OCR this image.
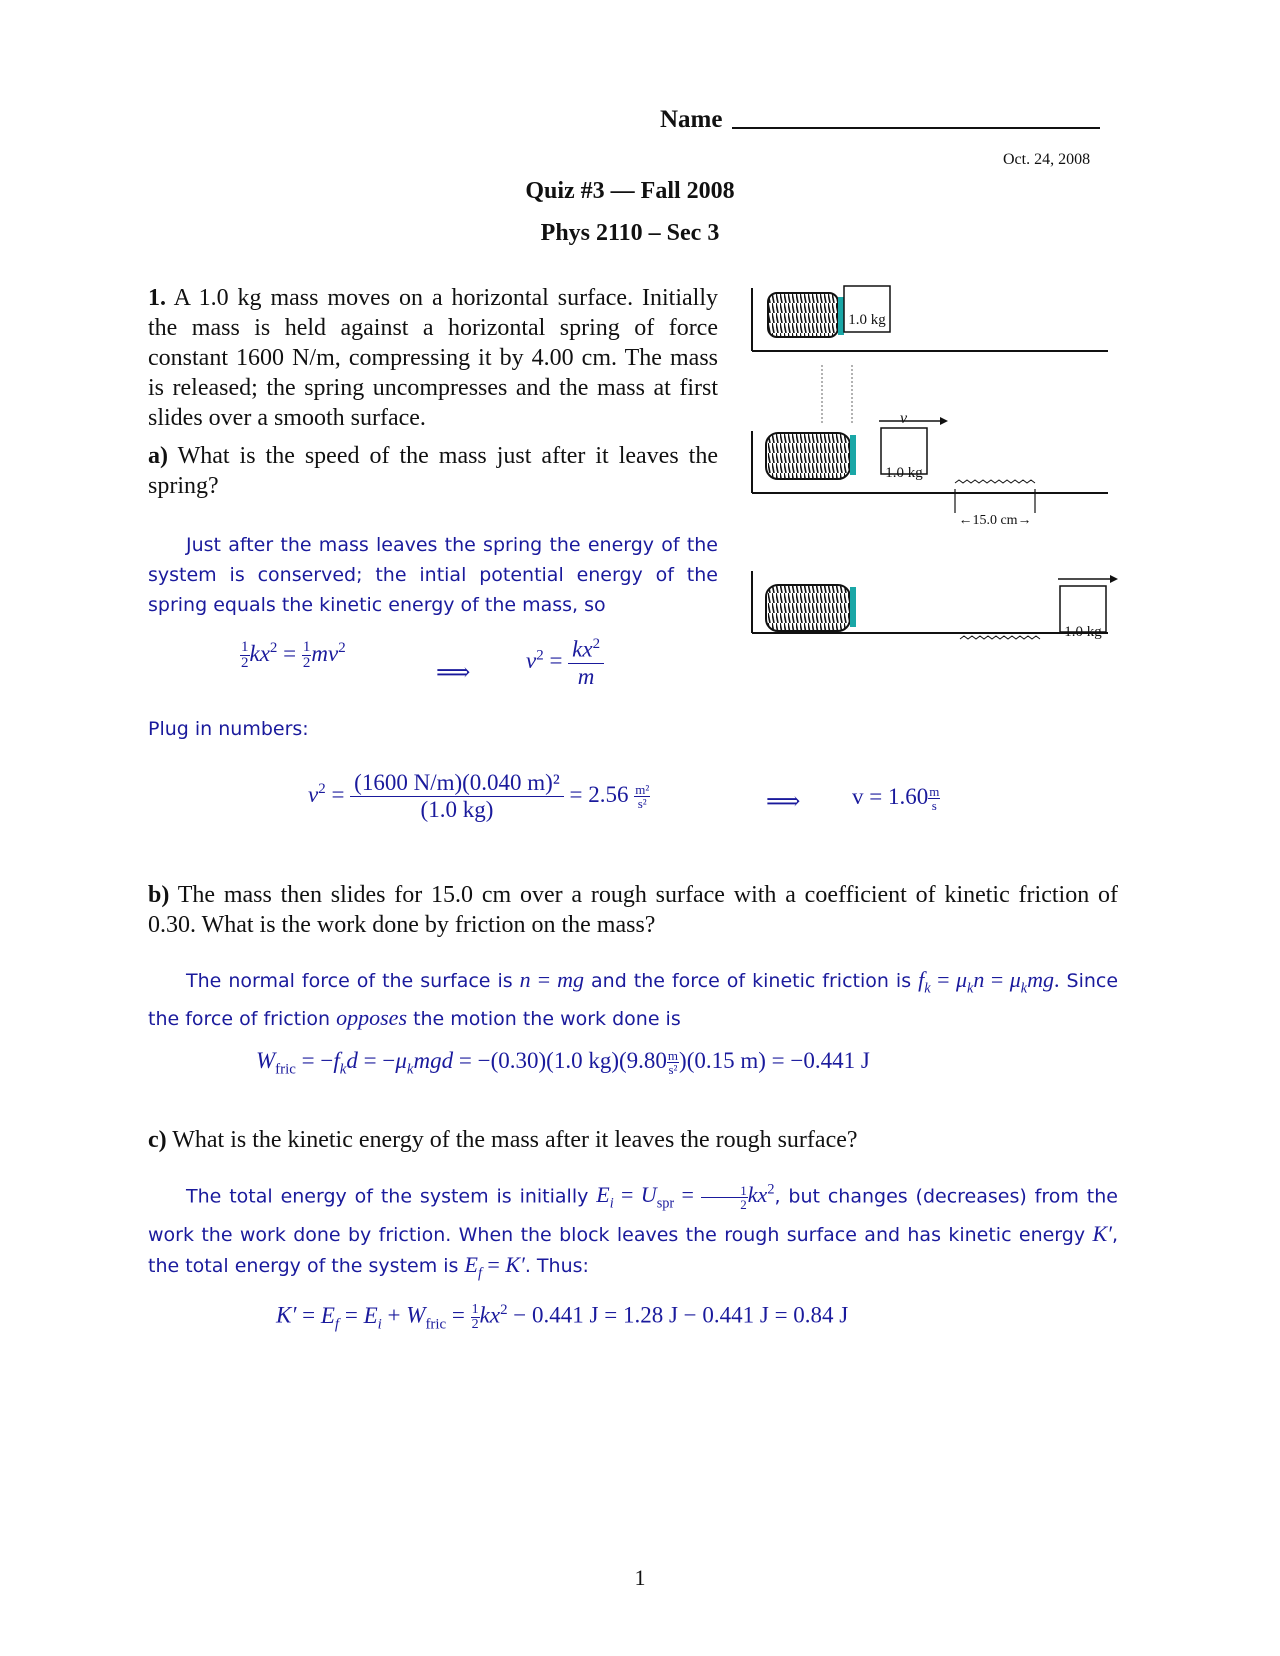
Name
Oct. 24, 2008
Quiz #3 — Fall 2008
Phys 2110 – Sec 3
1. A 1.0 kg mass moves on a horizontal surface. Initially the mass is held against a horizontal spring of force constant 1600 N/m, compressing it by 4.00 cm. The mass is released; the spring uncompresses and the mass at first slides over a smooth surface.
a) What is the speed of the mass just after it leaves the spring?
1.0 kg
1.0 kg
1.0 kg
v
←15.0 cm→
Just after the mass leaves the spring the energy of the system is conserved; the intial potential energy of the spring equals the kinetic energy of the mass, so
$\frac{1}{2} kx^2 = \frac{1}{2} mv^2$
⟹ $v^2 = \frac{kx^2}{m}$
Plug in numbers:
$v^2 = \frac{\text{(1600 N/m)(0.040 m)²}}{(1.0 kg)} = 2.56 \frac{\text{m²}}{\text{s²}}$	⟹ $v = 1.60 \frac{m}{s}$
b) The mass then slides for 15.0 cm over a rough surface with a coefficient of kinetic friction of 0.30. What is the work done by friction on the mass?
The normal force of the surface is n = mg and the force of kinetic friction is $f_k = \mu_kn = \mu_kmg$. Since the force of friction opposes the motion the work done is
$W_{fric} = -f_kd = -\mu_kmgd = -(0.30)(1.0$ $kg)(9.80 \frac{m}{\text{s²}} )(0.15$ m) = −0.441 J
c) What is the kinetic energy of the mass after it leaves the rough surface?
The total energy of the system is initially $E_i = U_{spr} = \frac{1}{2} kx^2$, but changes (decreases) from the work the work done by friction. When the block leaves the rough surface and has kinetic energy K′, the total energy of the system is $E_f = K'$. Thus:
$K' = E_f = E_i + W_{fric} = \frac{1}{2} kx^2 - 0.441$ J = 1.28 J − 0.441 J = 0.84 J
1
